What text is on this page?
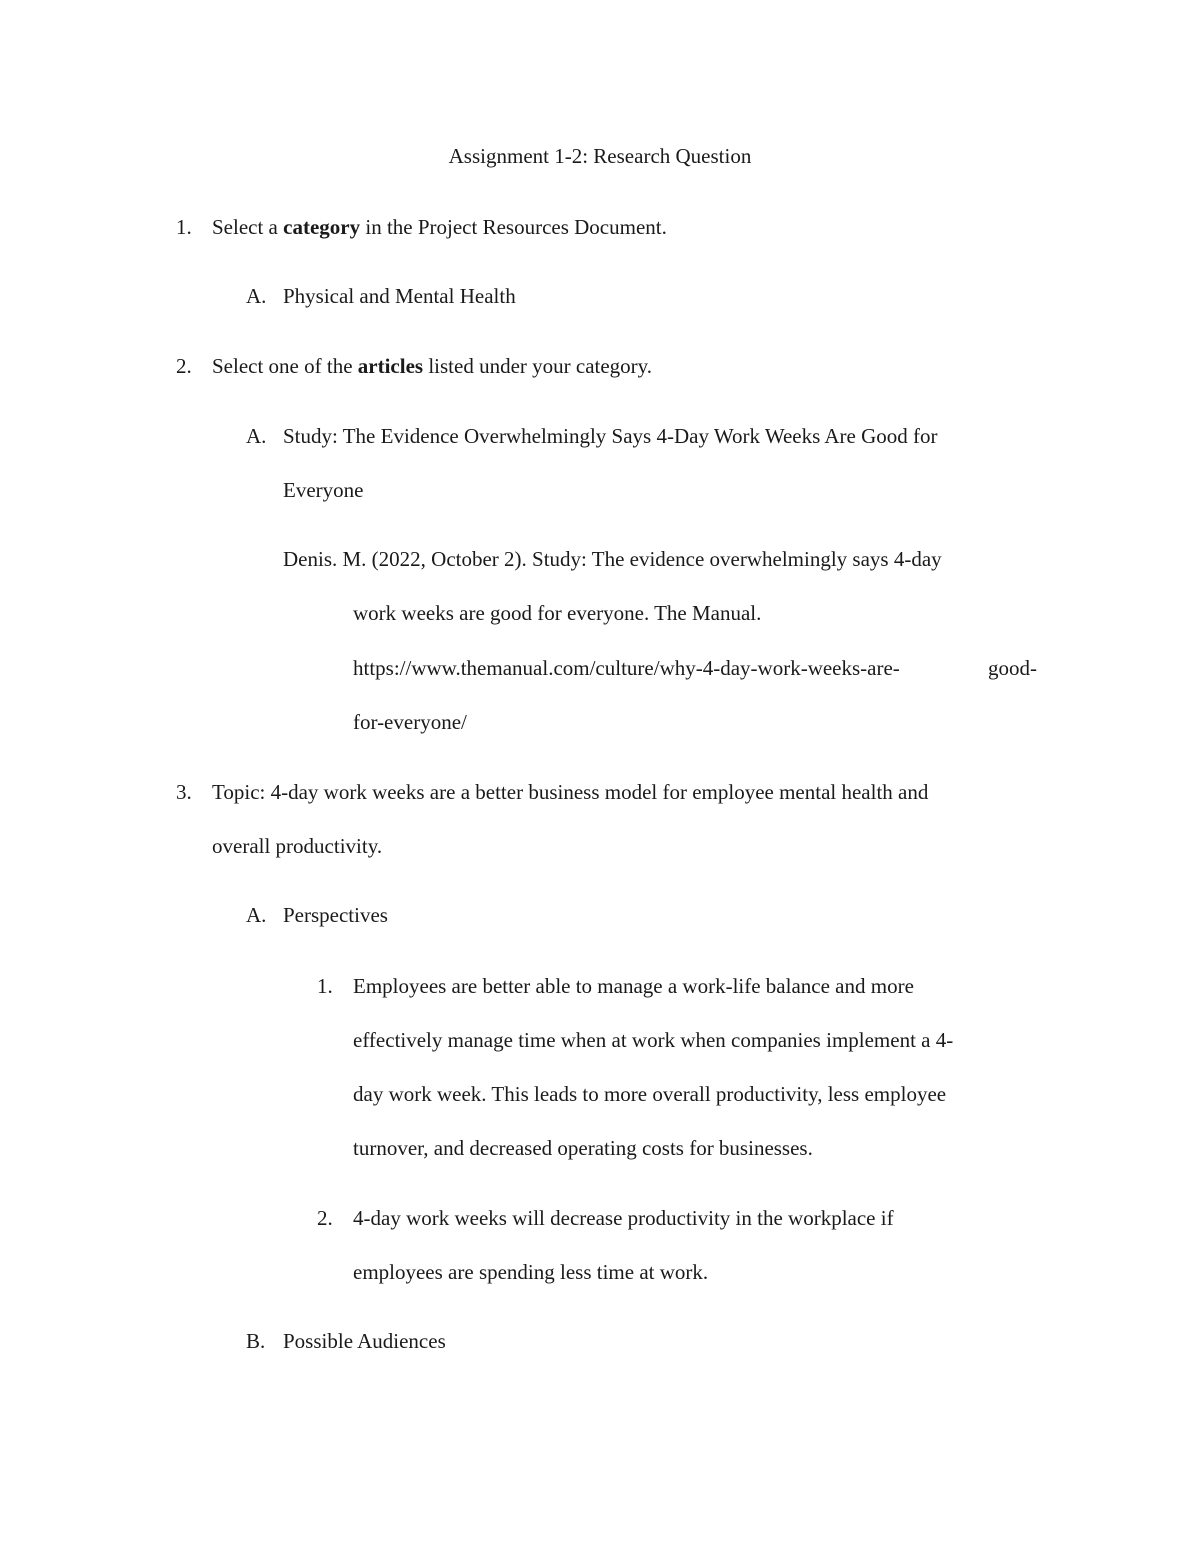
Assignment 1-2: Research Question
1. Select a category in the Project Resources Document.
A. Physical and Mental Health
2. Select one of the articles listed under your category.
A. Study: The Evidence Overwhelmingly Says 4-Day Work Weeks Are Good for
Everyone
Denis. M. (2022, October 2). Study: The evidence overwhelmingly says 4-day
work weeks are good for everyone. The Manual.
https://www.themanual.com/culture/why-4-day-work-weeks-are-	good-
for-everyone/
3. Topic: 4-day work weeks are a better business model for employee mental health and
overall productivity.
A. Perspectives
1. Employees are better able to manage a work-life balance and more
effectively manage time when at work when companies implement a 4-
day work week. This leads to more overall productivity, less employee
turnover, and decreased operating costs for businesses.
2. 4-day work weeks will decrease productivity in the workplace if
employees are spending less time at work.
B. Possible Audiences
